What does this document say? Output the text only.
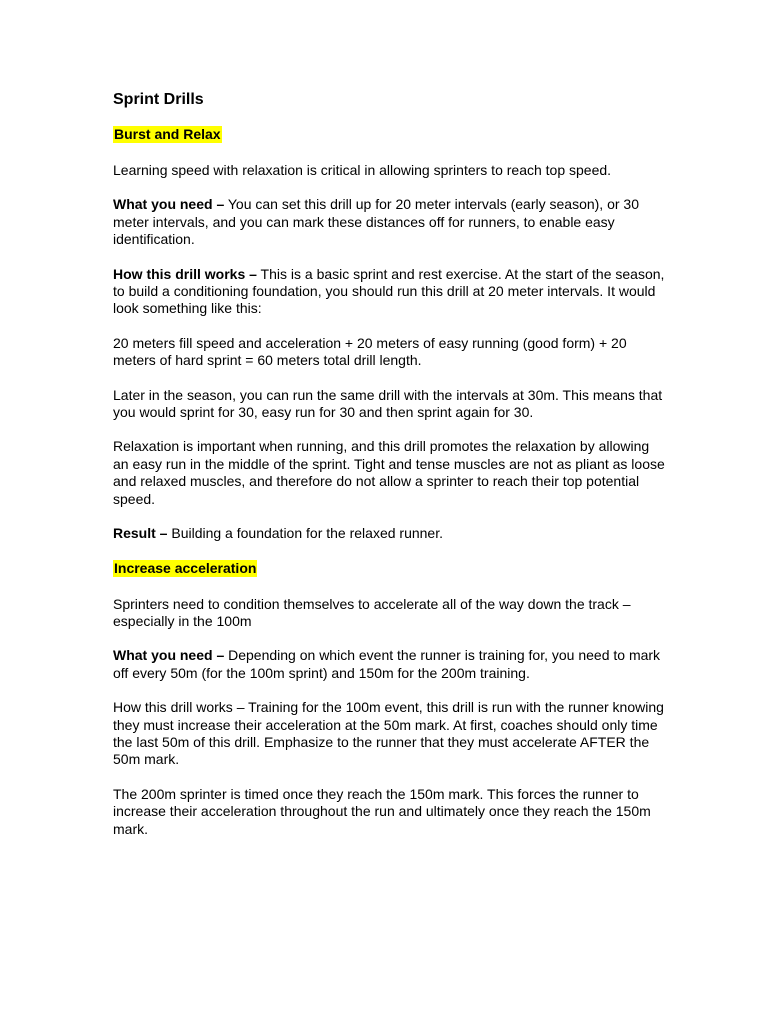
Sprint Drills
Burst and Relax

Learning speed with relaxation is critical in allowing sprinters to reach top speed.

What you need – You can set this drill up for 20 meter intervals (early season), or 30 meter intervals, and you can mark these distances off for runners, to enable easy identification.

How this drill works – This is a basic sprint and rest exercise. At the start of the season, to build a conditioning foundation, you should run this drill at 20 meter intervals. It would look something like this:

20 meters fill speed and acceleration + 20 meters of easy running (good form) + 20 meters of hard sprint = 60 meters total drill length.

Later in the season, you can run the same drill with the intervals at 30m. This means that you would sprint for 30, easy run for 30 and then sprint again for 30.

Relaxation is important when running, and this drill promotes the relaxation by allowing an easy run in the middle of the sprint. Tight and tense muscles are not as pliant as loose and relaxed muscles, and therefore do not allow a sprinter to reach their top potential speed.

Result – Building a foundation for the relaxed runner.

Increase acceleration

Sprinters need to condition themselves to accelerate all of the way down the track – especially in the 100m

What you need – Depending on which event the runner is training for, you need to mark off every 50m (for the 100m sprint) and 150m for the 200m training.

How this drill works – Training for the 100m event, this drill is run with the runner knowing they must increase their acceleration at the 50m mark. At first, coaches should only time the last 50m of this drill. Emphasize to the runner that they must accelerate AFTER the 50m mark.

The 200m sprinter is timed once they reach the 150m mark. This forces the runner to increase their acceleration throughout the run and ultimately once they reach the 150m mark.
